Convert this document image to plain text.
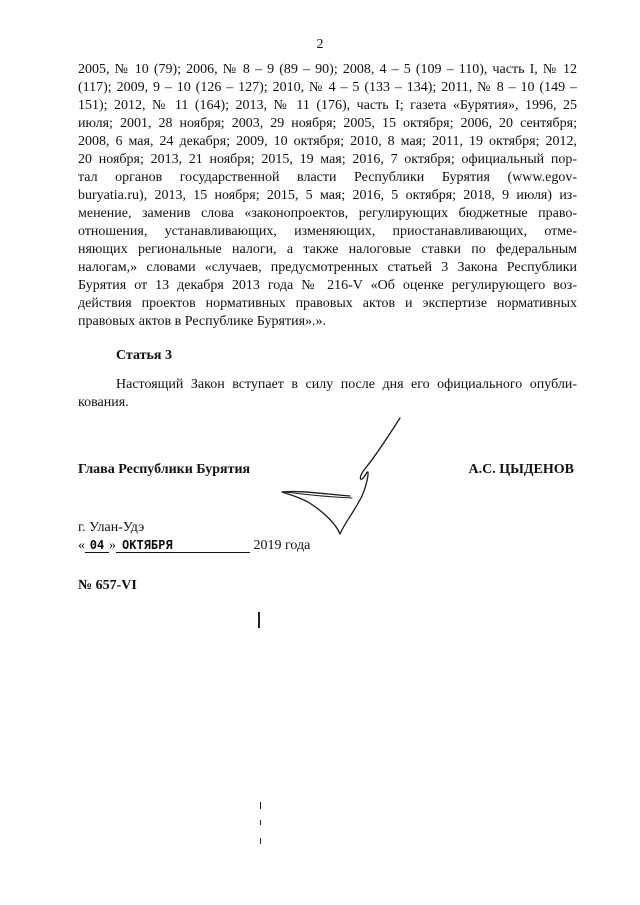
2
2005, № 10 (79); 2006, № 8 – 9 (89 – 90); 2008, 4 – 5 (109 – 110), часть I, № 12
(117); 2009, 9 – 10 (126 – 127); 2010, № 4 – 5 (133 – 134); 2011, № 8 – 10 (149 –
151); 2012, № 11 (164); 2013, № 11 (176), часть I; газета «Бурятия», 1996, 25
июля; 2001, 28 ноября; 2003, 29 ноября; 2005, 15 октября; 2006, 20 сентября;
2008, 6 мая, 24 декабря; 2009, 10 октября; 2010, 8 мая; 2011, 19 октября; 2012,
20 ноября; 2013, 21 ноября; 2015, 19 мая; 2016, 7 октября; официальный пор-
тал органов государственной власти Республики Бурятия (www.egov-
buryatia.ru), 2013, 15 ноября; 2015, 5 мая; 2016, 5 октября; 2018, 9 июля) из-
менение, заменив слова «законопроектов, регулирующих бюджетные право-
отношения, устанавливающих, изменяющих, приостанавливающих, отме-
няющих региональные налоги, а также налоговые ставки по федеральным
налогам,» словами «случаев, предусмотренных статьей 3 Закона Республики
Бурятия от 13 декабря 2013 года № 216-V «Об оценке регулирующего воз-
действия проектов нормативных правовых актов и экспертизе нормативных
правовых актов в Республике Бурятия».».
Статья 3
Настоящий Закон вступает в силу после дня его официального опубли-
кования.
Глава Республики Бурятия	А.С. ЦЫДЕНОВ
г. Улан-Удэ
« 04 » ОКТЯБРЯ	2019 года
№ 657-VI
